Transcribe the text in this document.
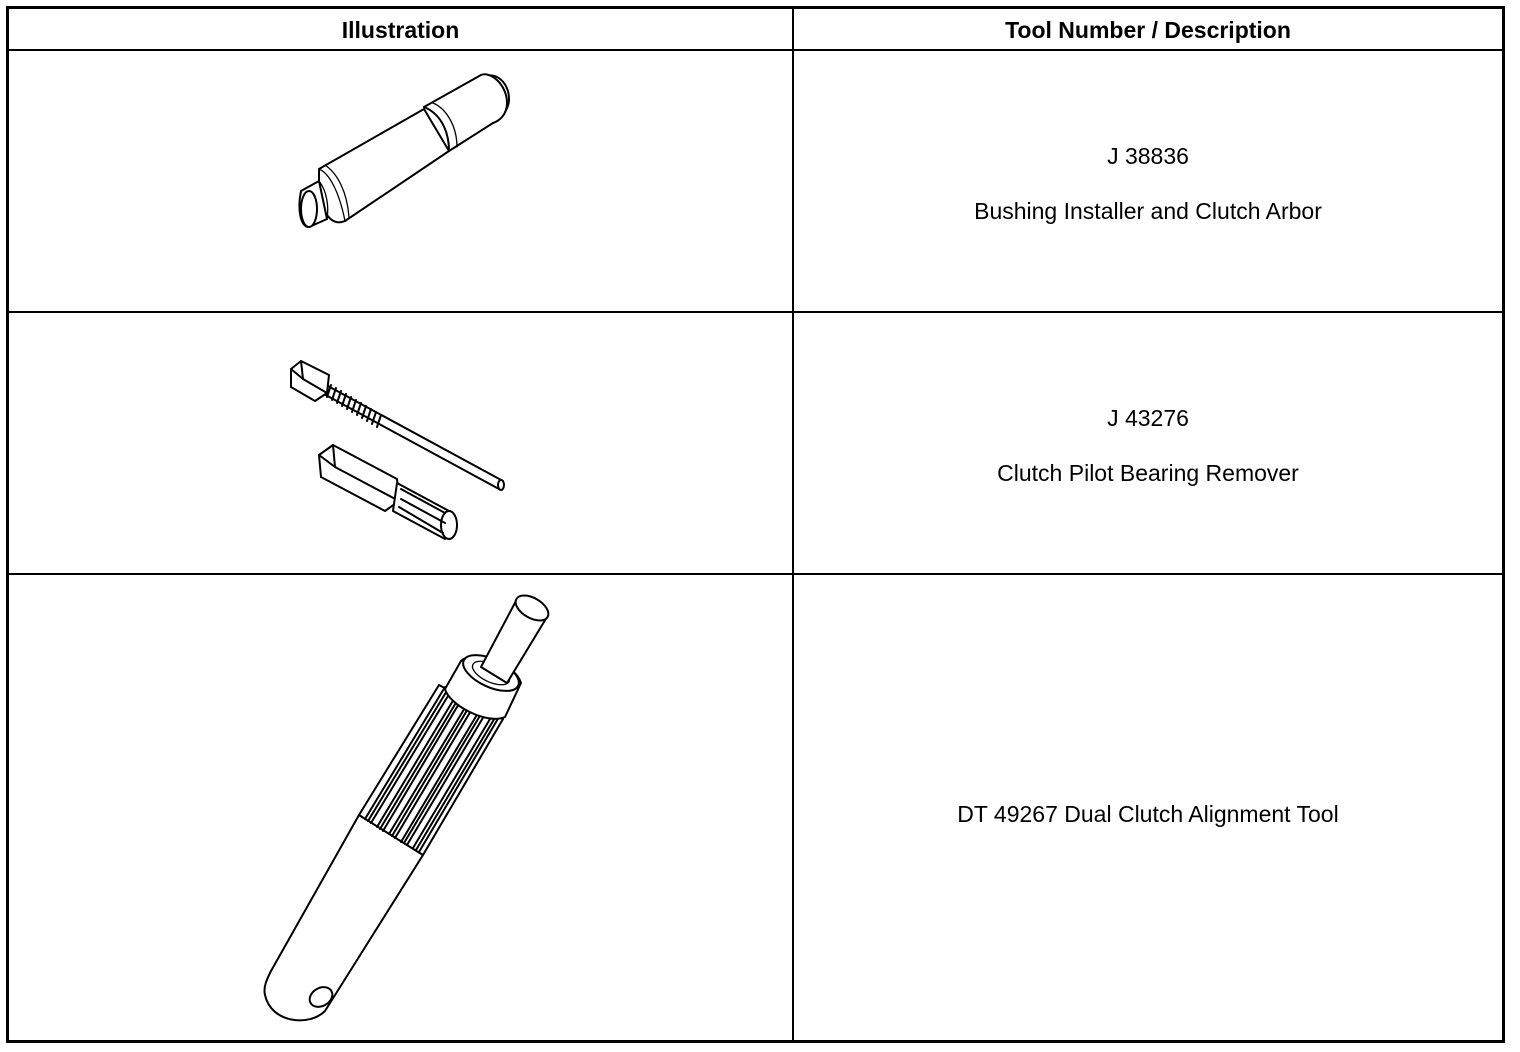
Illustration	Tool Number / Description
J 38836
Bushing Installer and Clutch Arbor
J 43276
Clutch Pilot Bearing Remover
DT 49267 Dual Clutch Alignment Tool
